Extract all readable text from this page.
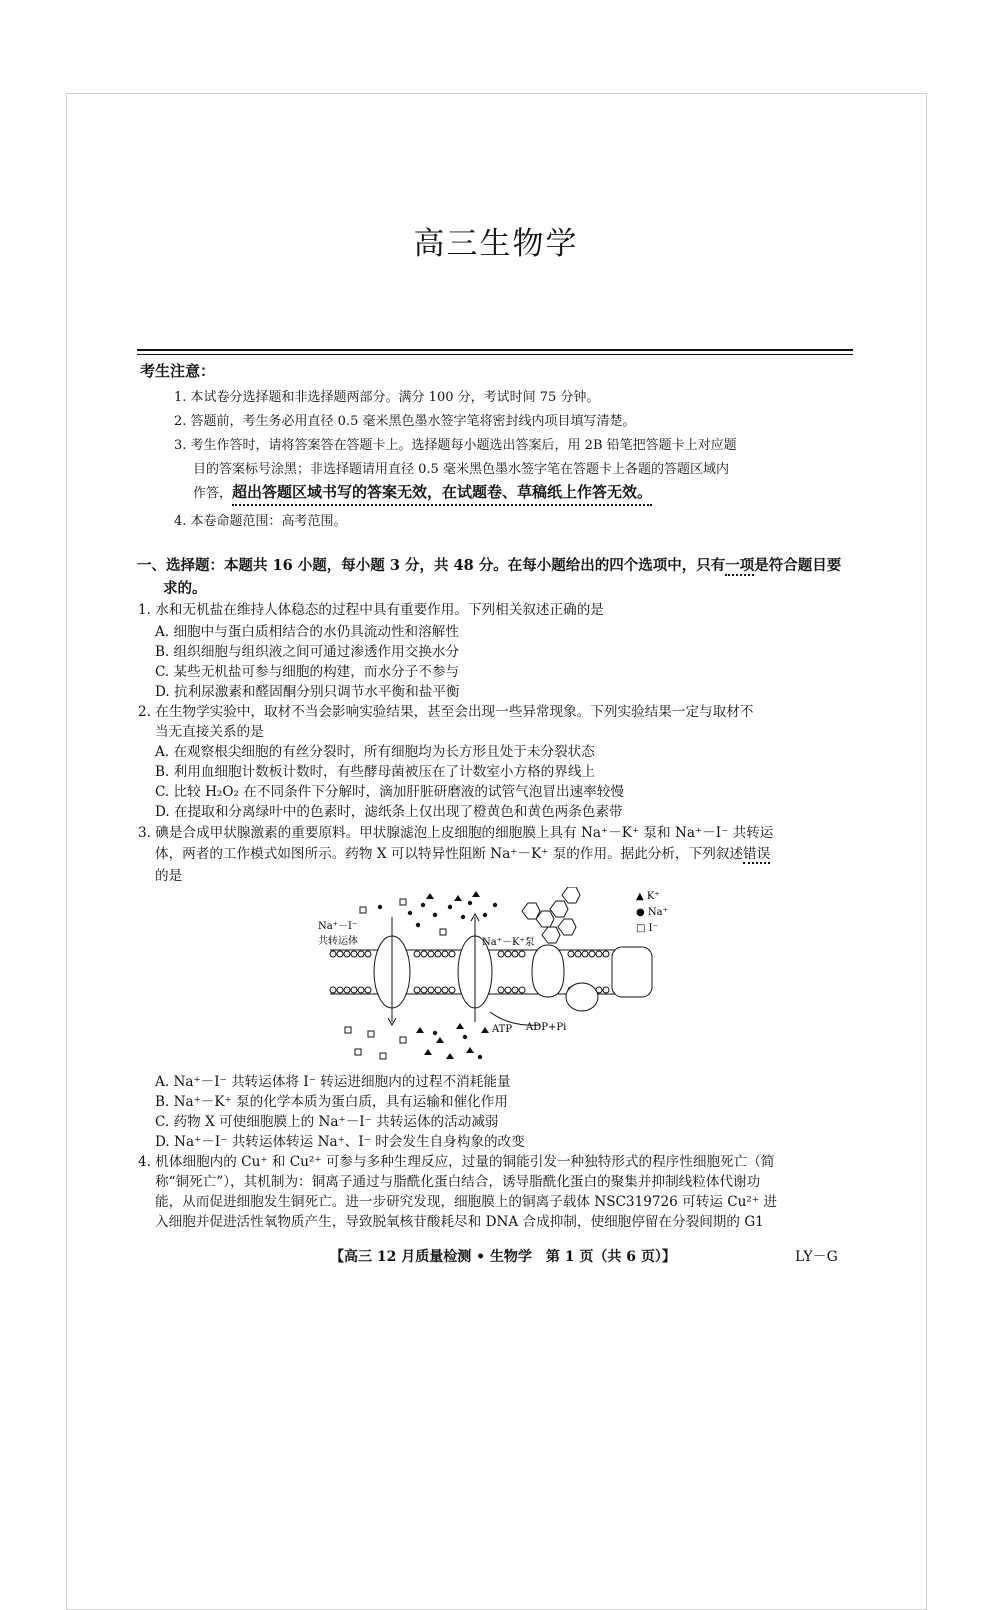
高三生物学
考生注意：
1. 本试卷分选择题和非选择题两部分。满分 100 分，考试时间 75 分钟。
2. 答题前，考生务必用直径 0.5 毫米黑色墨水签字笔将密封线内项目填写清楚。
3. 考生作答时，请将答案答在答题卡上。选择题每小题选出答案后，用 2B 铅笔把答题卡上对应题
目的答案标号涂黑；非选择题请用直径 0.5 毫米黑色墨水签字笔在答题卡上各题的答题区域内
作答，超出答题区域书写的答案无效，在试题卷、草稿纸上作答无效。
4. 本卷命题范围：高考范围。
一、选择题：本题共 16 小题，每小题 3 分，共 48 分。在每小题给出的四个选项中，只有一项是符合题目要
求的。
1. 水和无机盐在维持人体稳态的过程中具有重要作用。下列相关叙述正确的是
A. 细胞中与蛋白质相结合的水仍具流动性和溶解性
B. 组织细胞与组织液之间可通过渗透作用交换水分
C. 某些无机盐可参与细胞的构建，而水分子不参与
D. 抗利尿激素和醛固酮分别只调节水平衡和盐平衡
2. 在生物学实验中，取材不当会影响实验结果，甚至会出现一些异常现象。下列实验结果一定与取材不
当无直接关系的是
A. 在观察根尖细胞的有丝分裂时，所有细胞均为长方形且处于未分裂状态
B. 利用血细胞计数板计数时，有些酵母菌被压在了计数室小方格的界线上
C. 比较 H₂O₂ 在不同条件下分解时，滴加肝脏研磨液的试管气泡冒出速率较慢
D. 在提取和分离绿叶中的色素时，滤纸条上仅出现了橙黄色和黄色两条色素带
3. 碘是合成甲状腺激素的重要原料。甲状腺滤泡上皮细胞的细胞膜上具有 Na⁺－K⁺ 泵和 Na⁺－I⁻ 共转运
体，两者的工作模式如图所示。药物 X 可以特异性阻断 Na⁺－K⁺ 泵的作用。据此分析，下列叙述错误
的是
Na⁺－I⁻
共转运体	Na⁺－K⁺泵
ATP ADP+Pi
▲ K⁺
● Na⁺
□ I⁻
A. Na⁺－I⁻ 共转运体将 I⁻ 转运进细胞内的过程不消耗能量
B. Na⁺－K⁺ 泵的化学本质为蛋白质，具有运输和催化作用
C. 药物 X 可使细胞膜上的 Na⁺－I⁻ 共转运体的活动减弱
D. Na⁺－I⁻ 共转运体转运 Na⁺、I⁻ 时会发生自身构象的改变
4. 机体细胞内的 Cu⁺ 和 Cu²⁺ 可参与多种生理反应，过量的铜能引发一种独特形式的程序性细胞死亡（简
称“铜死亡”），其机制为：铜离子通过与脂酰化蛋白结合，诱导脂酰化蛋白的聚集并抑制线粒体代谢功
能，从而促进细胞发生铜死亡。进一步研究发现，细胞膜上的铜离子载体 NSC319726 可转运 Cu²⁺ 进
入细胞并促进活性氧物质产生，导致脱氧核苷酸耗尽和 DNA 合成抑制，使细胞停留在分裂间期的 G1
【高三 12 月质量检测 • 生物学　第 1 页（共 6 页）】	LY－G
